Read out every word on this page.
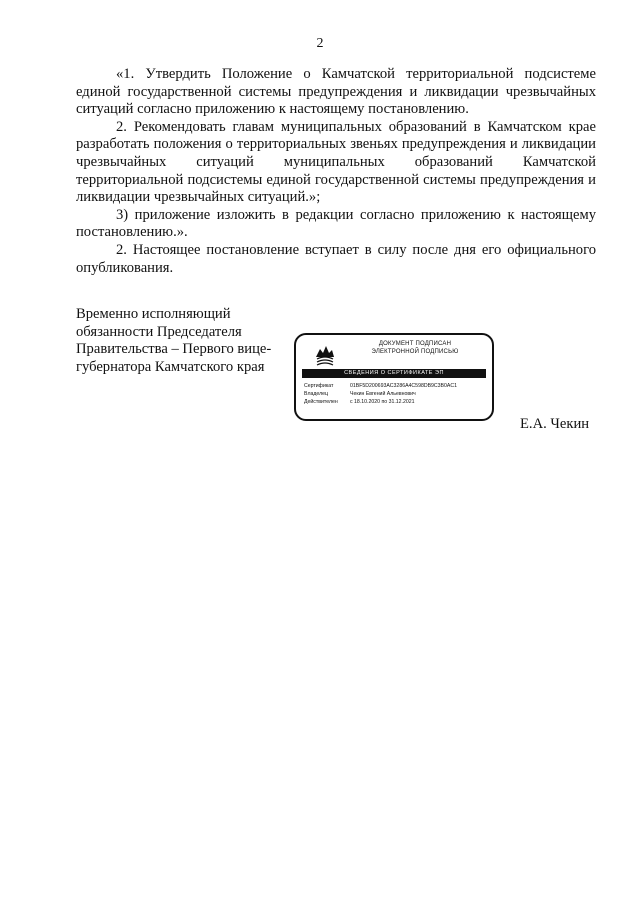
2

«1. Утвердить Положение о Камчатской территориальной подсистеме единой государственной системы предупреждения и ликвидации чрезвычайных ситуаций согласно приложению к настоящему постановлению.

2. Рекомендовать главам муниципальных образований в Камчатском крае разработать положения о территориальных звеньях предупреждения и ликвидации чрезвычайных ситуаций муниципальных образований Камчатской территориальной подсистемы единой государственной системы предупреждения и ликвидации чрезвычайных ситуаций.»;

3) приложение изложить в редакции согласно приложению к настоящему постановлению.».

2. Настоящее постановление вступает в силу после дня его официального опубликования.

Временно исполняющий
обязанности Председателя
Правительства – Первого вице-
губернатора Камчатского края
ДОКУМЕНТ ПОДПИСАН
ЭЛЕКТРОННОЙ ПОДПИСЬЮ
СВЕДЕНИЯ О СЕРТИФИКАТЕ ЭП
Сертификат	01BF5D200693AC3286A4C598DB9C3B0AC1
Владелец	Чекин Евгений Альевнович
Действителен	с 18.10.2020 по 31.12.2021
Е.А. Чекин
